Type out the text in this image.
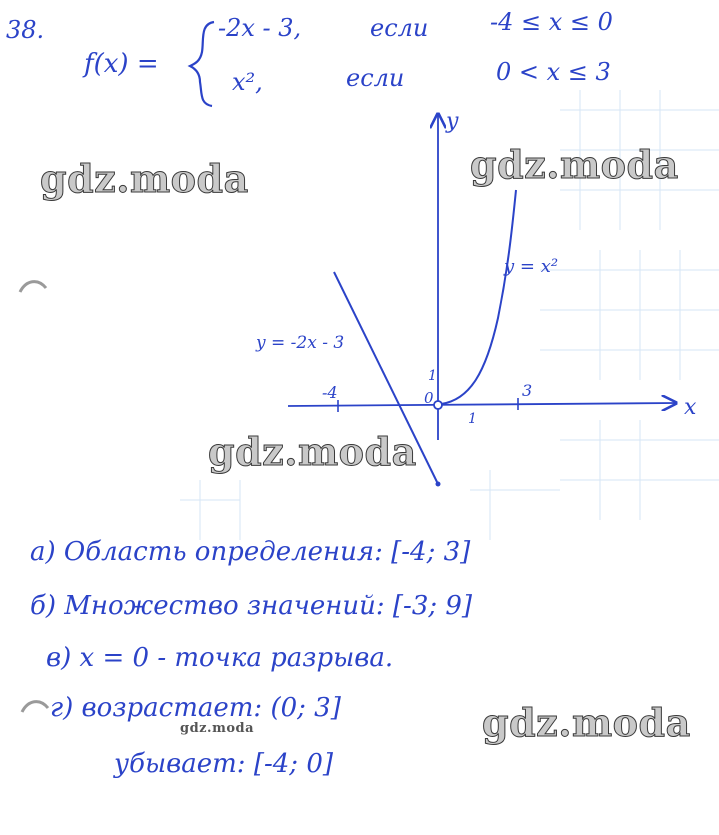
38.
f(x) =
-2x - 3,	если	-4 ≤ x ≤ 0
x²,	если	0 < x ≤ 3
y
x
-4	3
1
1
0
y = x²
y = -2x - 3
а) Область определения: [-4; 3]
б) Множество значений: [-3; 9]
в) x = 0 - точка разрыва.
г) возрастает: (0; 3]
убывает: [-4; 0]
gdz.moda	gdz.moda
gdz.moda
gdz.moda
gdz.moda
